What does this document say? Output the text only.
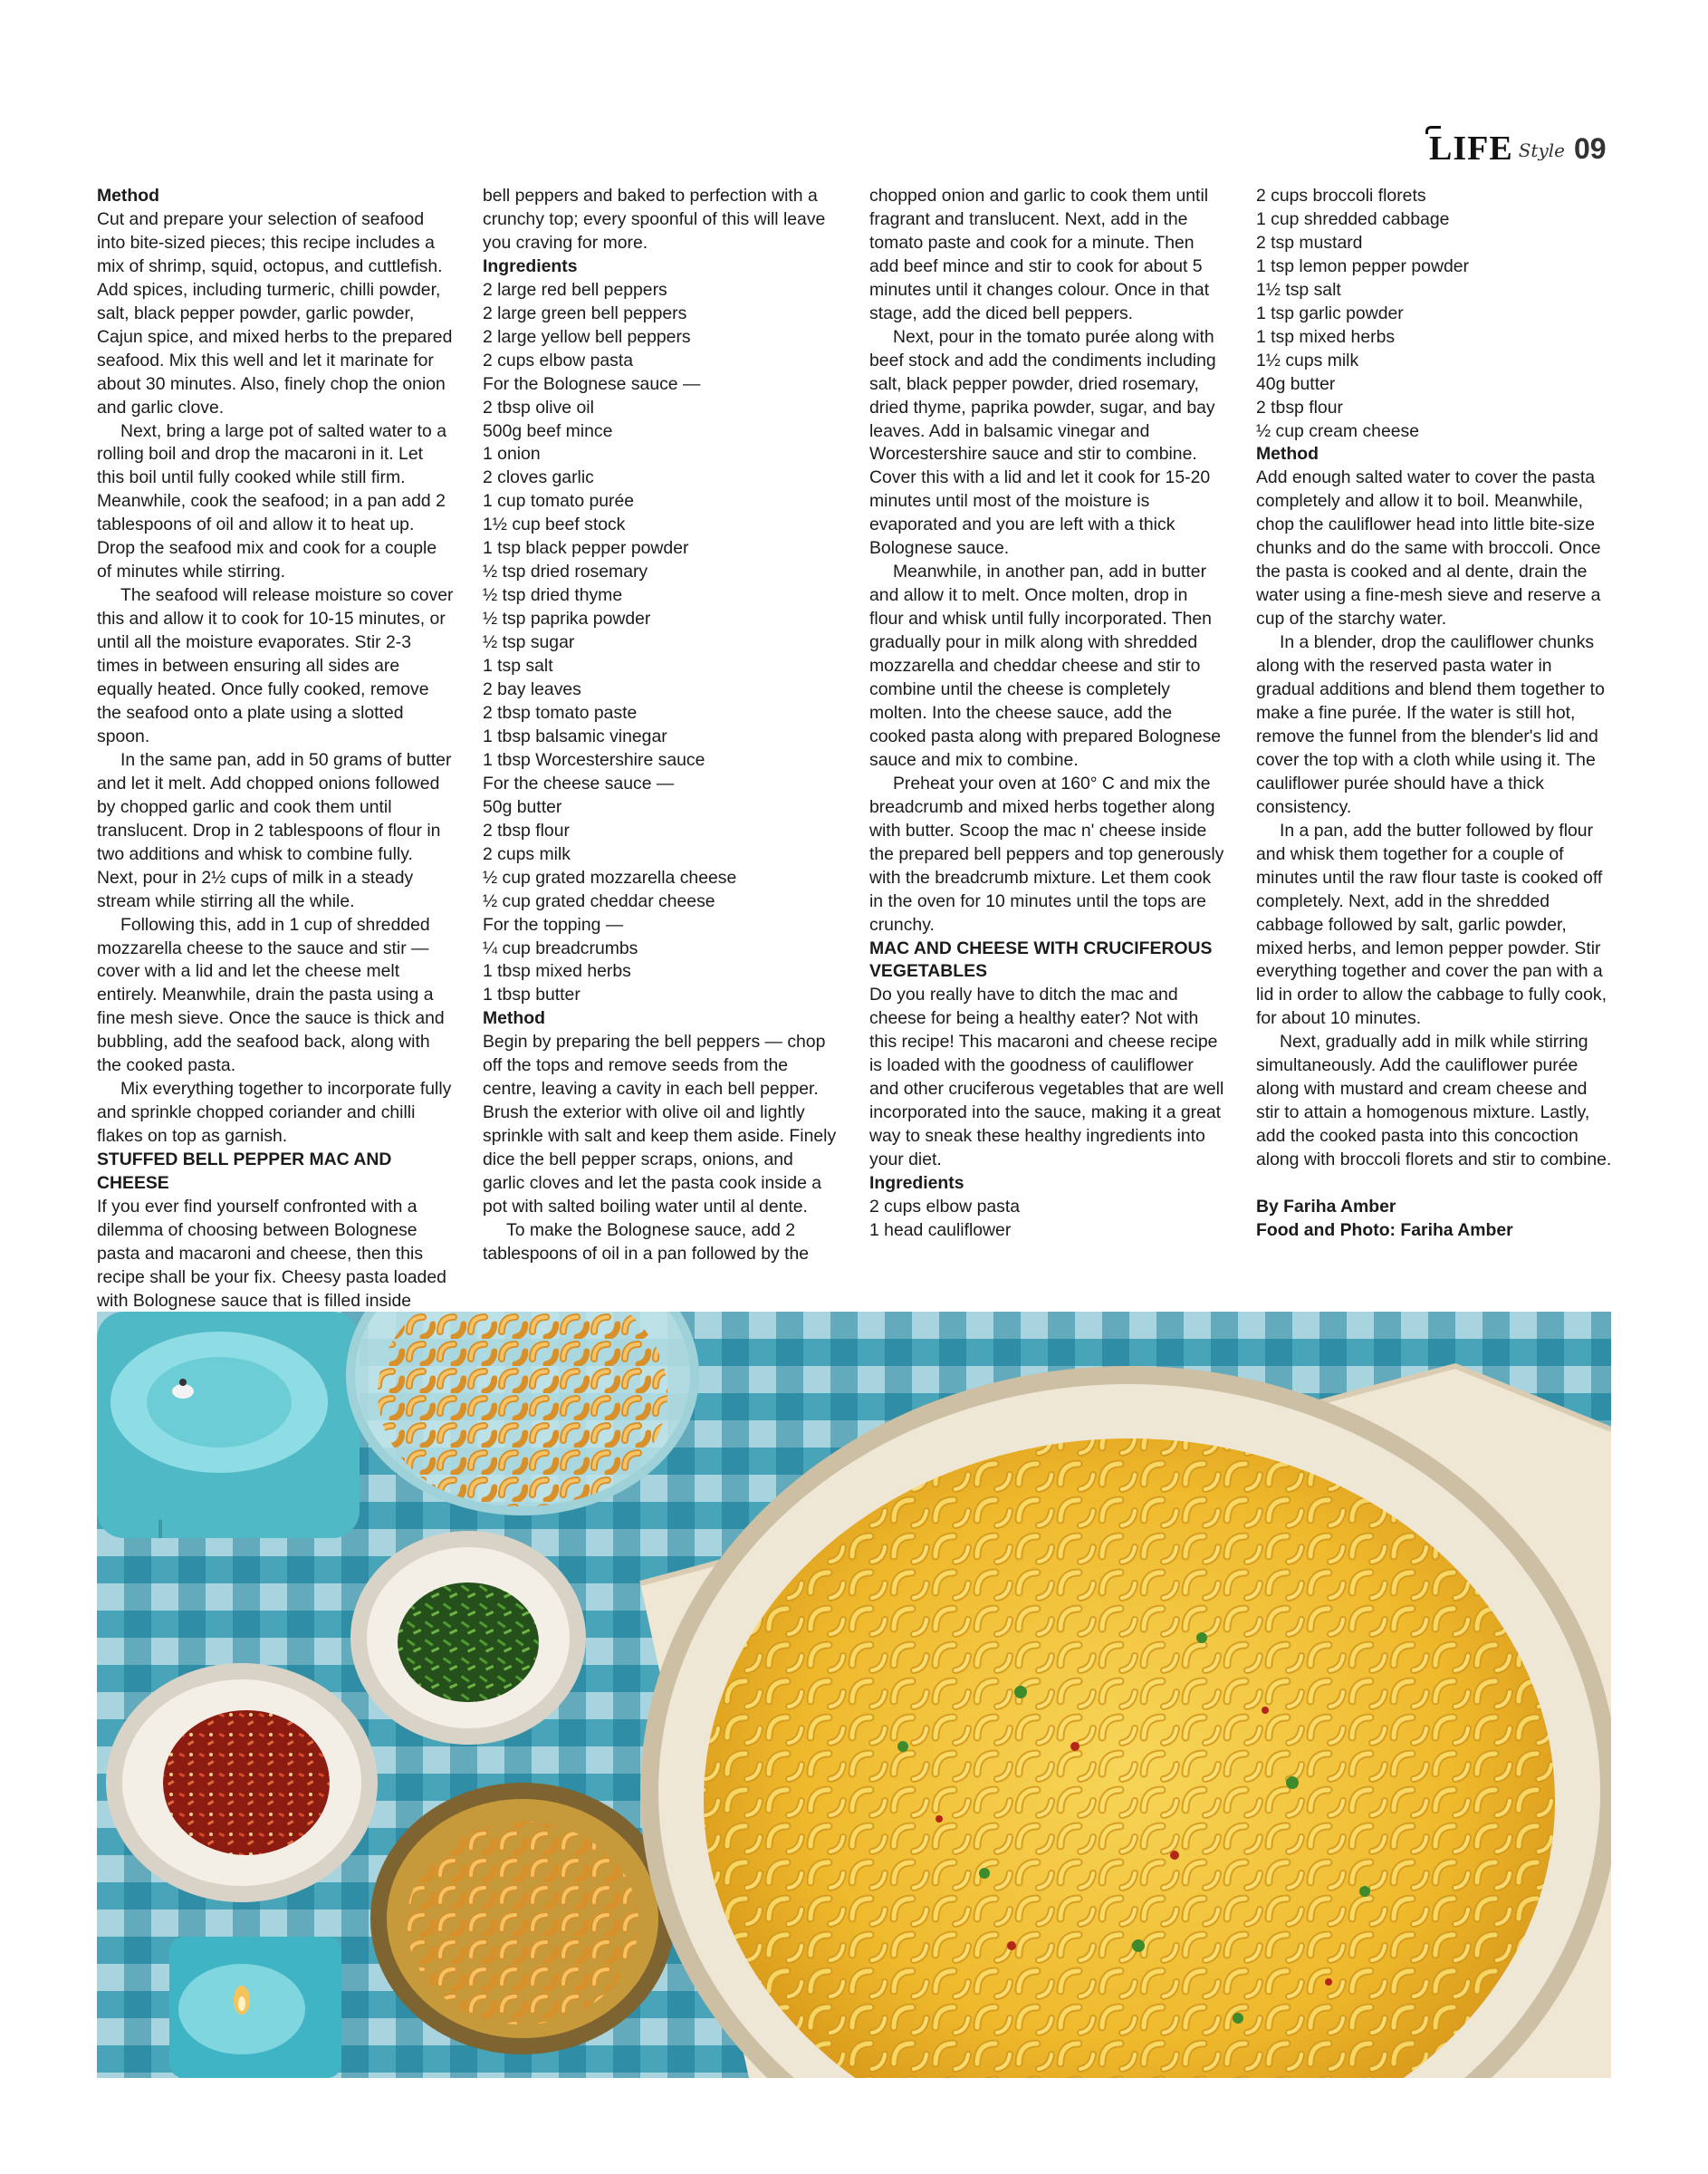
LIFE Style 09

Method

Cut and prepare your selection of seafood into bite-sized pieces; this recipe includes a mix of shrimp, squid, octopus, and cuttlefish. Add spices, including turmeric, chilli powder, salt, black pepper powder, garlic powder, Cajun spice, and mixed herbs to the prepared seafood. Mix this well and let it marinate for about 30 minutes. Also, finely chop the onion and garlic clove.

Next, bring a large pot of salted water to a rolling boil and drop the macaroni in it. Let this boil until fully cooked while still firm. Meanwhile, cook the seafood; in a pan add 2 tablespoons of oil and allow it to heat up. Drop the seafood mix and cook for a couple of minutes while stirring.

The seafood will release moisture so cover this and allow it to cook for 10-15 minutes, or until all the moisture evaporates. Stir 2-3 times in between ensuring all sides are equally heated. Once fully cooked, remove the seafood onto a plate using a slotted spoon.

In the same pan, add in 50 grams of butter and let it melt. Add chopped onions followed by chopped garlic and cook them until translucent. Drop in 2 tablespoons of flour in two additions and whisk to combine fully. Next, pour in 2½ cups of milk in a steady stream while stirring all the while.

Following this, add in 1 cup of shredded mozzarella cheese to the sauce and stir — cover with a lid and let the cheese melt entirely. Meanwhile, drain the pasta using a fine mesh sieve. Once the sauce is thick and bubbling, add the seafood back, along with the cooked pasta.

Mix everything together to incorporate fully and sprinkle chopped coriander and chilli flakes on top as garnish.

STUFFED BELL PEPPER MAC AND CHEESE

If you ever find yourself confronted with a dilemma of choosing between Bolognese pasta and macaroni and cheese, then this recipe shall be your fix. Cheesy pasta loaded with Bolognese sauce that is filled inside

bell peppers and baked to perfection with a crunchy top; every spoonful of this will leave you craving for more.

Ingredients

2 large red bell peppers

2 large green bell peppers

2 large yellow bell peppers

2 cups elbow pasta

For the Bolognese sauce —

2 tbsp olive oil

500g beef mince

1 onion

2 cloves garlic

1 cup tomato purée

1½ cup beef stock

1 tsp black pepper powder

½ tsp dried rosemary

½ tsp dried thyme

½ tsp paprika powder

½ tsp sugar

1 tsp salt

2 bay leaves

2 tbsp tomato paste

1 tbsp balsamic vinegar

1 tbsp Worcestershire sauce

For the cheese sauce —

50g butter

2 tbsp flour

2 cups milk

½ cup grated mozzarella cheese

½ cup grated cheddar cheese

For the topping —

¼ cup breadcrumbs

1 tbsp mixed herbs

1 tbsp butter

Method

Begin by preparing the bell peppers — chop off the tops and remove seeds from the centre, leaving a cavity in each bell pepper. Brush the exterior with olive oil and lightly sprinkle with salt and keep them aside. Finely dice the bell pepper scraps, onions, and garlic cloves and let the pasta cook inside a pot with salted boiling water until al dente.

To make the Bolognese sauce, add 2 tablespoons of oil in a pan followed by the

chopped onion and garlic to cook them until fragrant and translucent. Next, add in the tomato paste and cook for a minute. Then add beef mince and stir to cook for about 5 minutes until it changes colour. Once in that stage, add the diced bell peppers.

Next, pour in the tomato purée along with beef stock and add the condiments including salt, black pepper powder, dried rosemary, dried thyme, paprika powder, sugar, and bay leaves. Add in balsamic vinegar and Worcestershire sauce and stir to combine. Cover this with a lid and let it cook for 15-20 minutes until most of the moisture is evaporated and you are left with a thick Bolognese sauce.

Meanwhile, in another pan, add in butter and allow it to melt. Once molten, drop in flour and whisk until fully incorporated. Then gradually pour in milk along with shredded mozzarella and cheddar cheese and stir to combine until the cheese is completely molten. Into the cheese sauce, add the cooked pasta along with prepared Bolognese sauce and mix to combine.

Preheat your oven at 160° C and mix the breadcrumb and mixed herbs together along with butter. Scoop the mac n' cheese inside the prepared bell peppers and top generously with the breadcrumb mixture. Let them cook in the oven for 10 minutes until the tops are crunchy.

MAC AND CHEESE WITH CRUCIFEROUS VEGETABLES

Do you really have to ditch the mac and cheese for being a healthy eater? Not with this recipe! This macaroni and cheese recipe is loaded with the goodness of cauliflower and other cruciferous vegetables that are well incorporated into the sauce, making it a great way to sneak these healthy ingredients into your diet.

Ingredients

2 cups elbow pasta

1 head cauliflower

2 cups broccoli florets

1 cup shredded cabbage

2 tsp mustard

1 tsp lemon pepper powder

1½ tsp salt

1 tsp garlic powder

1 tsp mixed herbs

1½ cups milk

40g butter

2 tbsp flour

½ cup cream cheese

Method

Add enough salted water to cover the pasta completely and allow it to boil. Meanwhile, chop the cauliflower head into little bite-size chunks and do the same with broccoli. Once the pasta is cooked and al dente, drain the water using a fine-mesh sieve and reserve a cup of the starchy water.

In a blender, drop the cauliflower chunks along with the reserved pasta water in gradual additions and blend them together to make a fine purée. If the water is still hot, remove the funnel from the blender's lid and cover the top with a cloth while using it. The cauliflower purée should have a thick consistency.

In a pan, add the butter followed by flour and whisk them together for a couple of minutes until the raw flour taste is cooked off completely. Next, add in the shredded cabbage followed by salt, garlic powder, mixed herbs, and lemon pepper powder. Stir everything together and cover the pan with a lid in order to allow the cabbage to fully cook, for about 10 minutes.

Next, gradually add in milk while stirring simultaneously. Add the cauliflower purée along with mustard and cream cheese and stir to attain a homogenous mixture. Lastly, add the cooked pasta into this concoction along with broccoli florets and stir to combine.

By Fariha Amber

Food and Photo: Fariha Amber
